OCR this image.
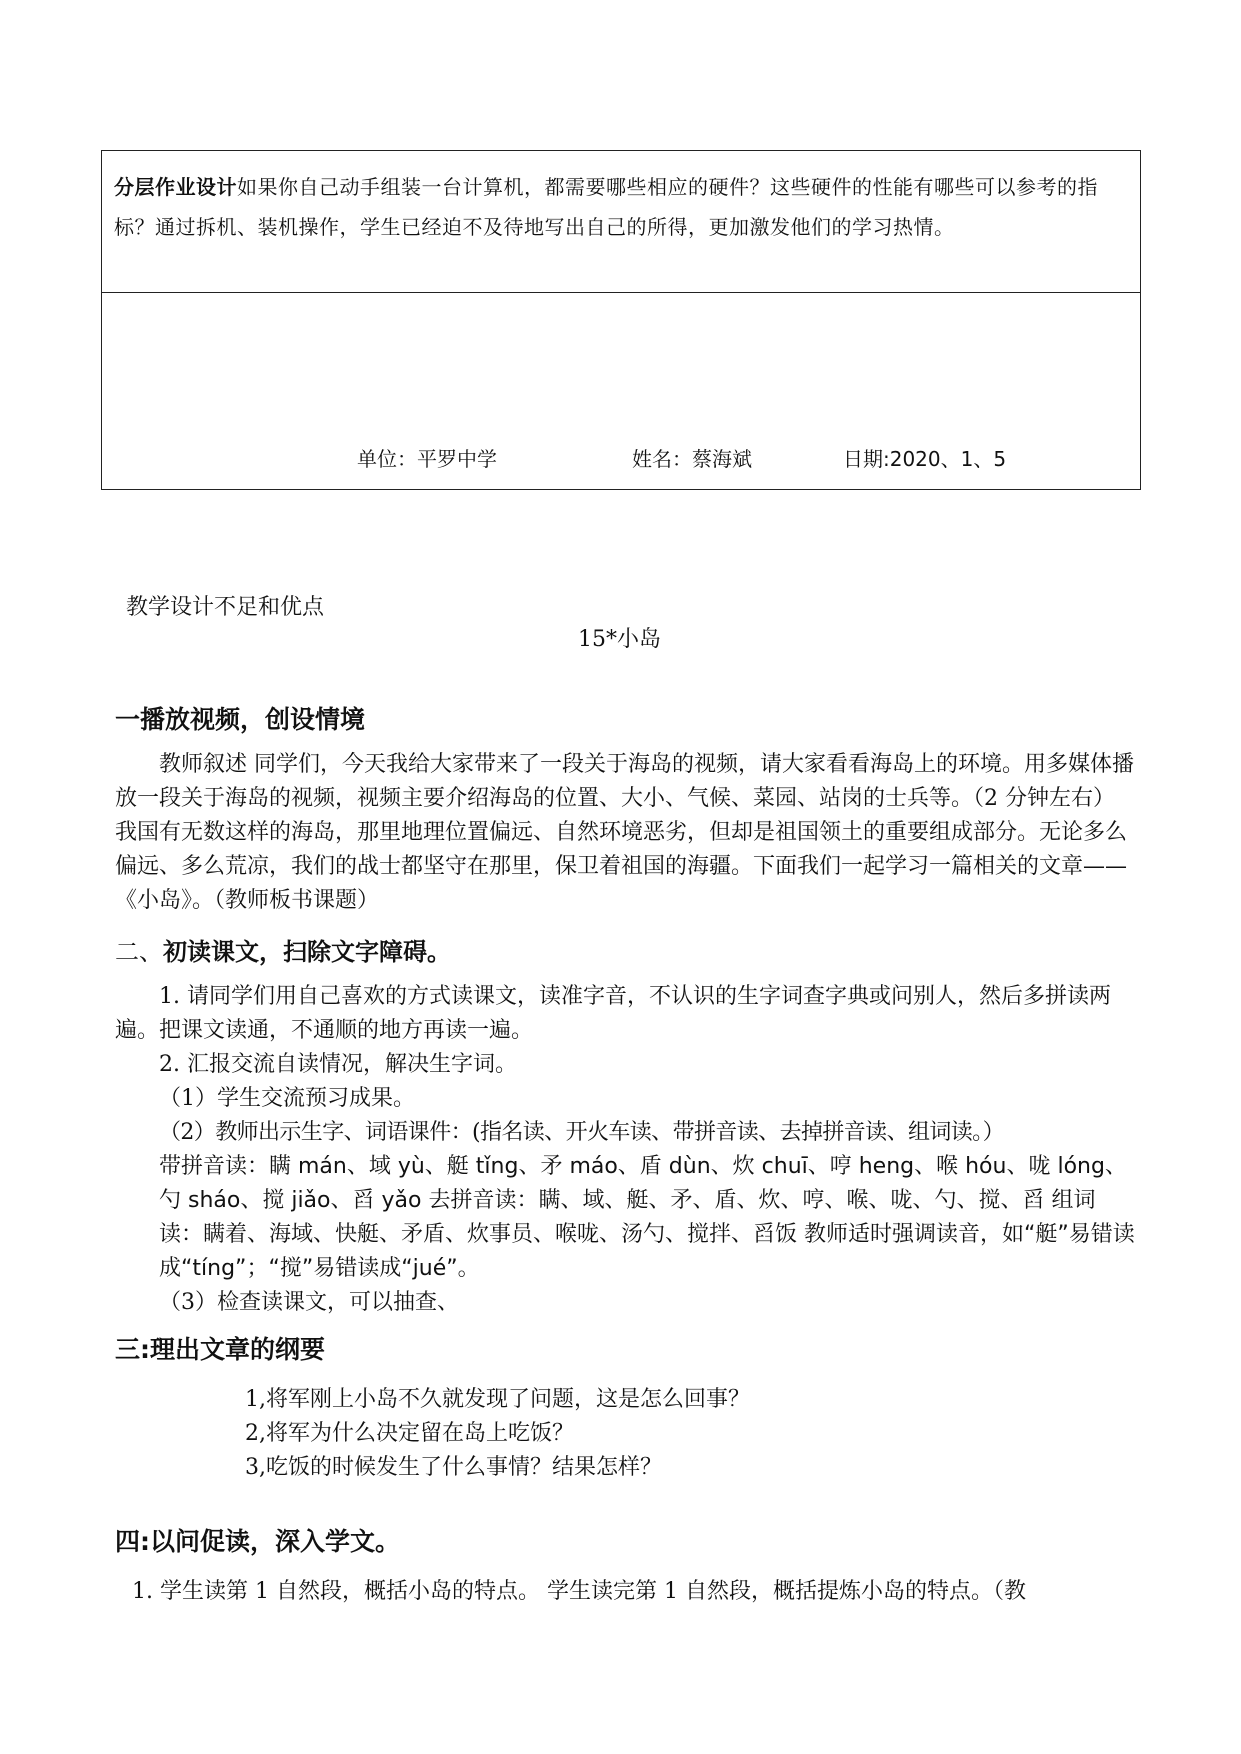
分层作业设计如果你自己动手组装一台计算机，都需要哪些相应的硬件？这些硬件的性能有哪些可以参考的指标？通过拆机、装机操作，学生已经迫不及待地写出自己的所得，更加激发他们的学习热情。
单位：平罗中学	姓名：蔡海斌	日期:2020、1、5
教学设计不足和优点
15*小岛
一播放视频，创设情境

教师叙述 同学们，今天我给大家带来了一段关于海岛的视频，请大家看看海岛上的环境。用多媒体播放一段关于海岛的视频，视频主要介绍海岛的位置、大小、气候、菜园、站岗的士兵等。（2 分钟左右） 我国有无数这样的海岛，那里地理位置偏远、自然环境恶劣，但却是祖国领土的重要组成部分。无论多么偏远、多么荒凉，我们的战士都坚守在那里，保卫着祖国的海疆。下面我们一起学习一篇相关的文章——《小岛》。（教师板书课题）

二、初读课文，扫除文字障碍。

1. 请同学们用自己喜欢的方式读课文，读准字音，不认识的生字词查字典或问别人，然后多拼读两遍。把课文读通，不通顺的地方再读一遍。

2. 汇报交流自读情况，解决生字词。

（1）学生交流预习成果。

（2）教师出示生字、词语课件：(指名读、开火车读、带拼音读、去掉拼音读、组词读。）

带拼音读：瞒 mán、域 yù、艇 tǐng、矛 máo、盾 dùn、炊 chuī、哼 heng、喉 hóu、咙 lóng、 勺 sháo、搅 jiǎo、舀 yǎo 去拼音读：瞒、域、艇、矛、盾、炊、哼、喉、咙、勺、搅、舀 组词读：瞒着、海域、快艇、矛盾、炊事员、喉咙、汤勺、搅拌、舀饭 教师适时强调读音，如“艇”易错读成“tíng”；“搅”易错读成“jué”。

（3）检查读课文，可以抽查、

三:理出文章的纲要
1,将军刚上小岛不久就发现了问题，这是怎么回事？
2,将军为什么决定留在岛上吃饭？
3,吃饭的时候发生了什么事情？结果怎样？
四:以问促读，深入学文。
1. 学生读第 1 自然段，概括小岛的特点。 学生读完第 1 自然段，概括提炼小岛的特点。（教
